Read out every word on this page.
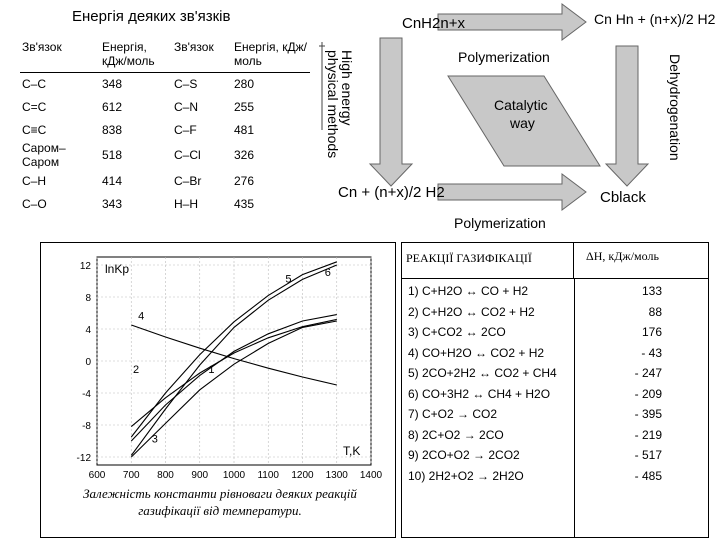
Енергія деяких зв'язків
Зв'язок	Енергія, кДж/моль	Зв'язок	Енергія, кДж/моль
C–C	348	C–S	280
C=C	612	C–N	255
C≡C	838	C–F	481
Cаром–Саром	518	C–Cl	326
C–H	414	C–Br	276
C–O	343	H–H	435
CnH2n+x	Cn Hn + (n+x)/2 H2
Polymerization
Cn + (n+x)/2 H2	Cblack
Polymerization
Catalytic
way
High energy
physical methods	Dehydrogenation
600 700 800 900 1000 1100 1200 1300 1400
12
8
4
0
-4
-8
-12
lnKp
T,K
1
2
3
4
5
6
Залежність константи рівноваги деяких реакцій газифікації від температури.
РЕАКЦІЇ ГАЗИФІКАЦІЇ	ΔH, кДж/моль
1) C+H2O ↔ CO + H2	133
2) C+H2O ↔ CO2 + H2	88
3) C+CO2 ↔ 2CO	176
4) CO+H2O ↔ CO2 + H2	- 43
5) 2CO+2H2 ↔ CO2 + CH4	- 247
6) CO+3H2 ↔ CH4 + H2O	- 209
7) C+O2 → CO2	- 395
8) 2C+O2 → 2CO	- 219
9) 2CO+O2 → 2CO2	- 517
10) 2H2+O2 → 2H2O	- 485
